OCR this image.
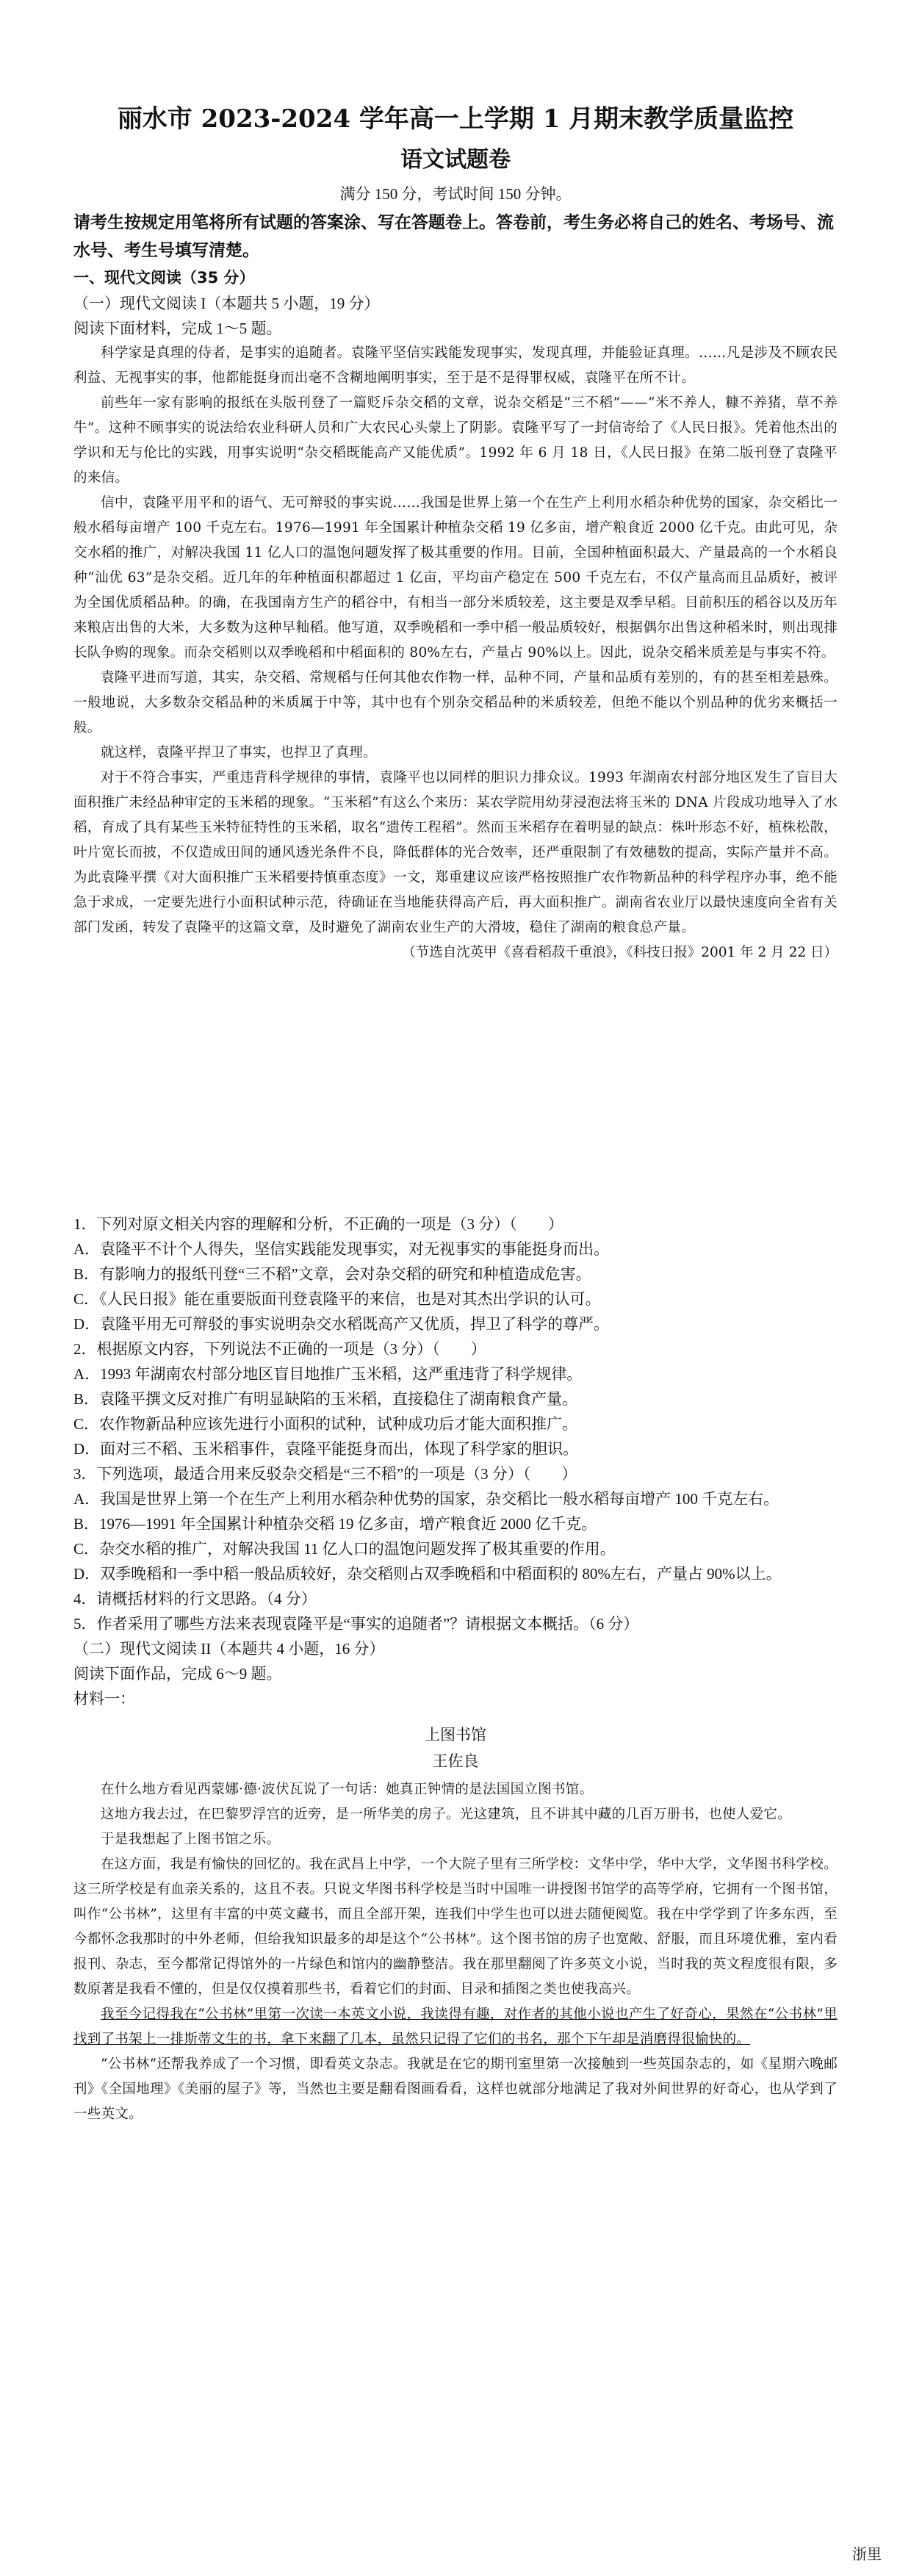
丽水市 2023-2024 学年高一上学期 1 月期末教学质量监控
语文试题卷

满分 150 分，考试时间 150 分钟。

请考生按规定用笔将所有试题的答案涂、写在答题卷上。答卷前，考生务必将自己的姓名、考场号、流水号、考生号填写清楚。

一、现代文阅读（35 分）

（一）现代文阅读 I（本题共 5 小题，19 分）

阅读下面材料，完成 1～5 题。

科学家是真理的侍者，是事实的追随者。袁隆平坚信实践能发现事实，发现真理，并能验证真理。……凡是涉及不顾农民利益、无视事实的事，他都能挺身而出毫不含糊地阐明事实，至于是不是得罪权威，袁隆平在所不计。

前些年一家有影响的报纸在头版刊登了一篇贬斥杂交稻的文章，说杂交稻是“三不稻”——“米不养人，糠不养猪，草不养牛”。这种不顾事实的说法给农业科研人员和广大农民心头蒙上了阴影。袁隆平写了一封信寄给了《人民日报》。凭着他杰出的学识和无与伦比的实践，用事实说明“杂交稻既能高产又能优质”。1992 年 6 月 18 日，《人民日报》在第二版刊登了袁隆平的来信。

信中，袁隆平用平和的语气、无可辩驳的事实说……我国是世界上第一个在生产上利用水稻杂种优势的国家，杂交稻比一般水稻每亩增产 100 千克左右。1976—1991 年全国累计种植杂交稻 19 亿多亩，增产粮食近 2000 亿千克。由此可见，杂交水稻的推广，对解决我国 11 亿人口的温饱问题发挥了极其重要的作用。目前，全国种植面积最大、产量最高的一个水稻良种“汕优 63”是杂交稻。近几年的年种植面积都超过 1 亿亩，平均亩产稳定在 500 千克左右，不仅产量高而且品质好，被评为全国优质稻品种。的确，在我国南方生产的稻谷中，有相当一部分米质较差，这主要是双季早稻。目前积压的稻谷以及历年来粮店出售的大米，大多数为这种早籼稻。他写道，双季晚稻和一季中稻一般品质较好，根据偶尔出售这种稻米时，则出现排长队争购的现象。而杂交稻则以双季晚稻和中稻面积的 80%左右，产量占 90%以上。因此，说杂交稻米质差是与事实不符。

袁隆平进而写道，其实，杂交稻、常规稻与任何其他农作物一样，品种不同，产量和品质有差别的，有的甚至相差悬殊。一般地说，大多数杂交稻品种的米质属于中等，其中也有个别杂交稻品种的米质较差，但绝不能以个别品种的优劣来概括一般。

就这样，袁隆平捍卫了事实，也捍卫了真理。

对于不符合事实，严重违背科学规律的事情，袁隆平也以同样的胆识力排众议。1993 年湖南农村部分地区发生了盲目大面积推广未经品种审定的玉米稻的现象。“玉米稻”有这么个来历：某农学院用幼芽浸泡法将玉米的 DNA 片段成功地导入了水稻，育成了具有某些玉米特征特性的玉米稻，取名“遗传工程稻”。然而玉米稻存在着明显的缺点：株叶形态不好，植株松散，叶片宽长而披，不仅造成田间的通风透光条件不良，降低群体的光合效率，还严重限制了有效穗数的提高，实际产量并不高。为此袁隆平撰《对大面积推广玉米稻要持慎重态度》一文，郑重建议应该严格按照推广农作物新品种的科学程序办事，绝不能急于求成，一定要先进行小面积试种示范，待确证在当地能获得高产后，再大面积推广。湖南省农业厅以最快速度向全省有关部门发函，转发了袁隆平的这篇文章，及时避免了湖南农业生产的大滑坡，稳住了湖南的粮食总产量。

（节选自沈英甲《喜看稻菽千重浪》，《科技日报》2001 年 2 月 22 日）

1．下列对原文相关内容的理解和分析，不正确的一项是（3 分）（　　）

A．袁隆平不计个人得失，坚信实践能发现事实，对无视事实的事能挺身而出。

B．有影响力的报纸刊登“三不稻”文章，会对杂交稻的研究和种植造成危害。

C．《人民日报》能在重要版面刊登袁隆平的来信，也是对其杰出学识的认可。

D．袁隆平用无可辩驳的事实说明杂交水稻既高产又优质，捍卫了科学的尊严。

2．根据原文内容，下列说法不正确的一项是（3 分）（　　）

A．1993 年湖南农村部分地区盲目地推广玉米稻，这严重违背了科学规律。

B．袁隆平撰文反对推广有明显缺陷的玉米稻，直接稳住了湖南粮食产量。

C．农作物新品种应该先进行小面积的试种，试种成功后才能大面积推广。

D．面对三不稻、玉米稻事件，袁隆平能挺身而出，体现了科学家的胆识。

3．下列选项，最适合用来反驳杂交稻是“三不稻”的一项是（3 分）（　　）

A．我国是世界上第一个在生产上利用水稻杂种优势的国家，杂交稻比一般水稻每亩增产 100 千克左右。

B．1976—1991 年全国累计种植杂交稻 19 亿多亩，增产粮食近 2000 亿千克。

C．杂交水稻的推广，对解决我国 11 亿人口的温饱问题发挥了极其重要的作用。

D．双季晚稻和一季中稻一般品质较好，杂交稻则占双季晚稻和中稻面积的 80%左右，产量占 90%以上。

4．请概括材料的行文思路。（4 分）

5．作者采用了哪些方法来表现袁隆平是“事实的追随者”？请根据文本概括。（6 分）

（二）现代文阅读 II（本题共 4 小题，16 分）

阅读下面作品，完成 6～9 题。

材料一：

上图书馆

王佐良

在什么地方看见西蒙娜·德·波伏瓦说了一句话：她真正钟情的是法国国立图书馆。

这地方我去过，在巴黎罗浮宫的近旁，是一所华美的房子。光这建筑，且不讲其中藏的几百万册书，也使人爱它。

于是我想起了上图书馆之乐。

在这方面，我是有愉快的回忆的。我在武昌上中学，一个大院子里有三所学校：文华中学，华中大学，文华图书科学校。这三所学校是有血亲关系的，这且不表。只说文华图书科学校是当时中国唯一讲授图书馆学的高等学府，它拥有一个图书馆，叫作“公书林”，这里有丰富的中英文藏书，而且全部开架，连我们中学生也可以进去随便阅览。我在中学学到了许多东西，至今都怀念我那时的中外老师，但给我知识最多的却是这个“公书林”。这个图书馆的房子也宽敞、舒服，而且环境优雅，室内看报刊、杂志，至今都常记得馆外的一片绿色和馆内的幽静整洁。我在那里翻阅了许多英文小说，当时我的英文程度很有限，多数原著是我看不懂的，但是仅仅摸着那些书，看着它们的封面、目录和插图之类也使我高兴。

我至今记得我在“公书林”里第一次读一本英文小说，我读得有趣，对作者的其他小说也产生了好奇心，果然在“公书林”里找到了书架上一排斯蒂文生的书，拿下来翻了几本，虽然只记得了它们的书名，那个下午却是消磨得很愉快的。

“公书林”还帮我养成了一个习惯，即看英文杂志。我就是在它的期刊室里第一次接触到一些英国杂志的，如《星期六晚邮刊》《全国地理》《美丽的屋子》等，当然也主要是翻看图画看看，这样也就部分地满足了我对外间世界的好奇心，也从学到了一些英文。

浙里
